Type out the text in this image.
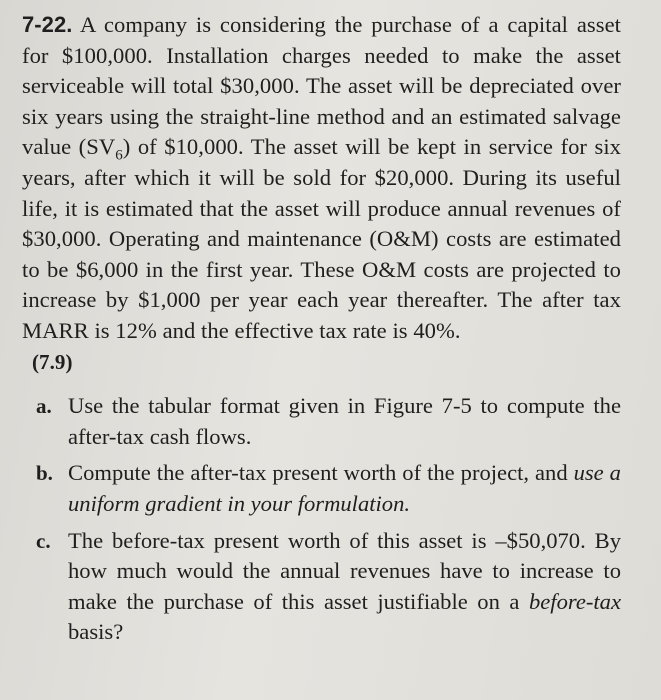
7-22. A company is considering the purchase of a capital asset for $100,000. Installation charges needed to make the asset serviceable will total $30,000. The asset will be depreciated over six years using the straight-line method and an estimated salvage value $(SV_6)$ of $10,000. The asset will be kept in service for six years, after which it will be sold for $20,000. During its useful life, it is estimated that the asset will produce annual revenues of $30,000. Operating and maintenance (O&M) costs are estimated to be $6,000 in the first year. These O&M costs are projected to increase by $1,000 per year each year thereafter. The after tax MARR is 12% and the effective tax rate is 40%.
(7.9)

a. Use the tabular format given in Figure 7-5 to compute the after-tax cash flows.
b. Compute the after-tax present worth of the project, and use a uniform gradient in your formulation.
c. The before-tax present worth of this asset is –$50,070. By how much would the annual revenues have to increase to make the purchase of this asset justifiable on a before-tax basis?
